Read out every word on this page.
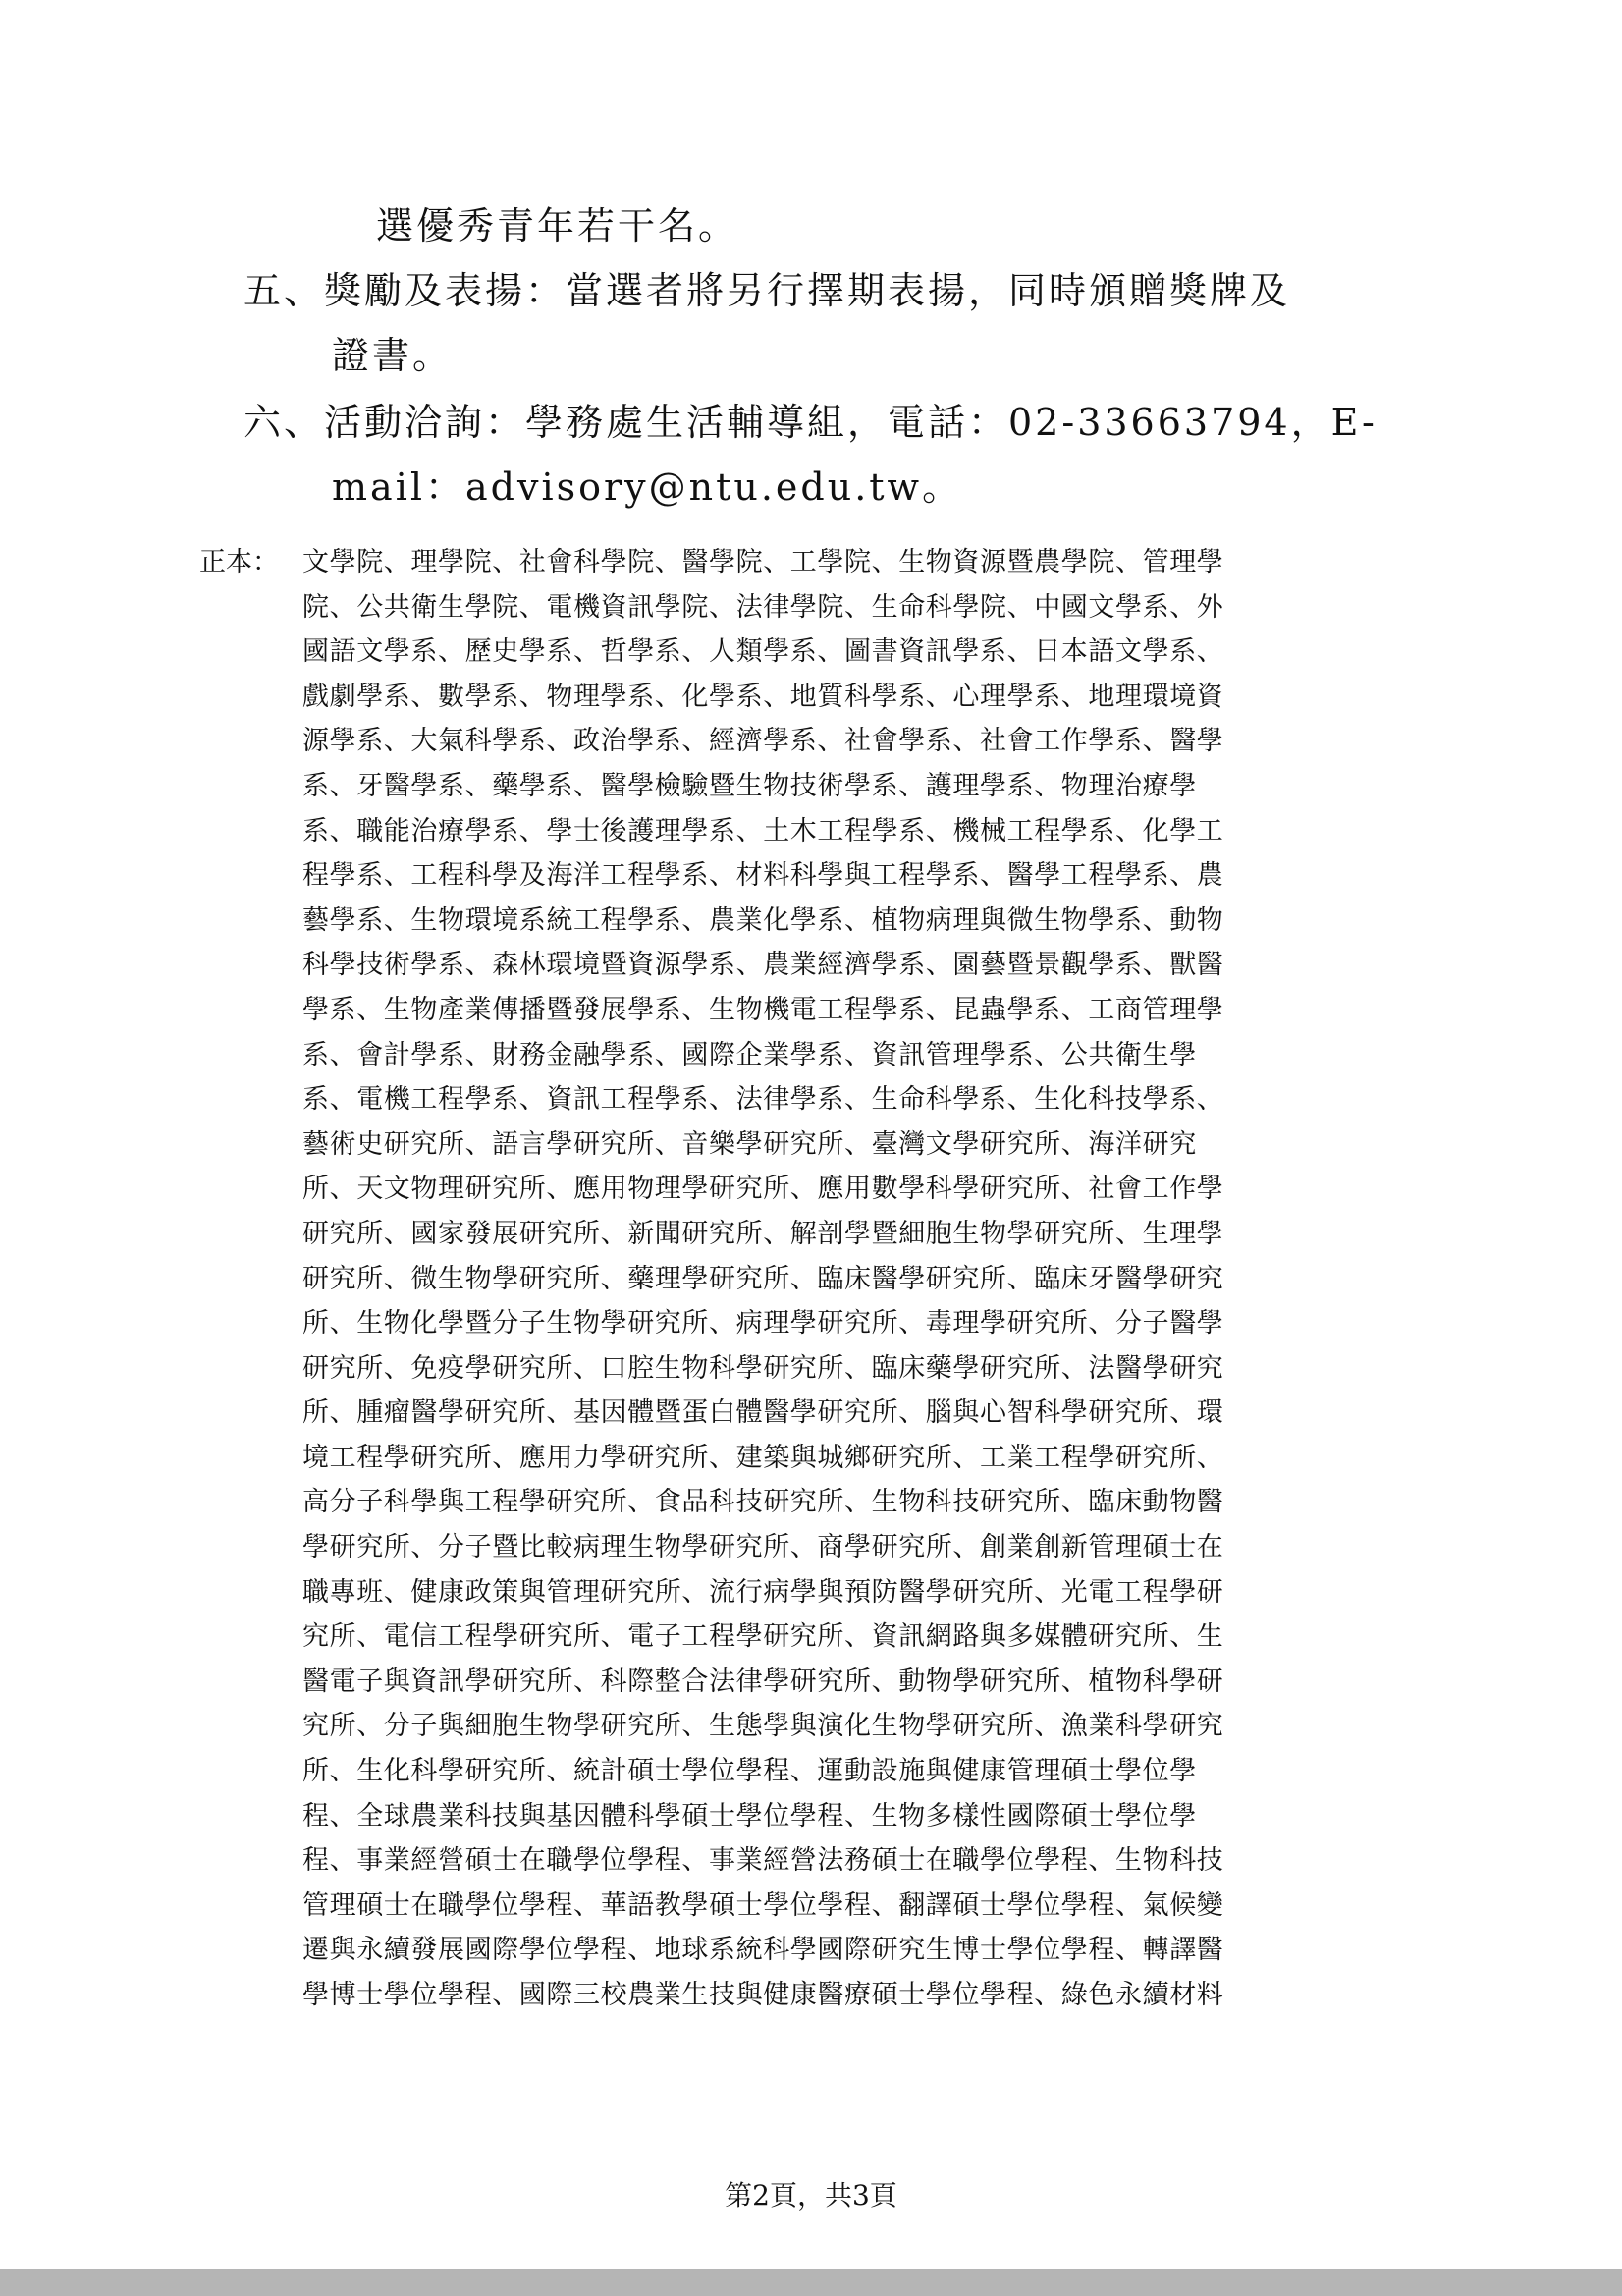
選優秀青年若干名。
五、獎勵及表揚：當選者將另行擇期表揚，同時頒贈獎牌及
證書。
六、活動洽詢：學務處生活輔導組，電話：02-33663794，E-
mail：advisory@ntu.edu.tw。
正本： 文學院、理學院、社會科學院、醫學院、工學院、生物資源暨農學院、管理學
院、公共衛生學院、電機資訊學院、法律學院、生命科學院、中國文學系、外
國語文學系、歷史學系、哲學系、人類學系、圖書資訊學系、日本語文學系、
戲劇學系、數學系、物理學系、化學系、地質科學系、心理學系、地理環境資
源學系、大氣科學系、政治學系、經濟學系、社會學系、社會工作學系、醫學
系、牙醫學系、藥學系、醫學檢驗暨生物技術學系、護理學系、物理治療學
系、職能治療學系、學士後護理學系、土木工程學系、機械工程學系、化學工
程學系、工程科學及海洋工程學系、材料科學與工程學系、醫學工程學系、農
藝學系、生物環境系統工程學系、農業化學系、植物病理與微生物學系、動物
科學技術學系、森林環境暨資源學系、農業經濟學系、園藝暨景觀學系、獸醫
學系、生物產業傳播暨發展學系、生物機電工程學系、昆蟲學系、工商管理學
系、會計學系、財務金融學系、國際企業學系、資訊管理學系、公共衛生學
系、電機工程學系、資訊工程學系、法律學系、生命科學系、生化科技學系、
藝術史研究所、語言學研究所、音樂學研究所、臺灣文學研究所、海洋研究
所、天文物理研究所、應用物理學研究所、應用數學科學研究所、社會工作學
研究所、國家發展研究所、新聞研究所、解剖學暨細胞生物學研究所、生理學
研究所、微生物學研究所、藥理學研究所、臨床醫學研究所、臨床牙醫學研究
所、生物化學暨分子生物學研究所、病理學研究所、毒理學研究所、分子醫學
研究所、免疫學研究所、口腔生物科學研究所、臨床藥學研究所、法醫學研究
所、腫瘤醫學研究所、基因體暨蛋白體醫學研究所、腦與心智科學研究所、環
境工程學研究所、應用力學研究所、建築與城鄉研究所、工業工程學研究所、
高分子科學與工程學研究所、食品科技研究所、生物科技研究所、臨床動物醫
學研究所、分子暨比較病理生物學研究所、商學研究所、創業創新管理碩士在
職專班、健康政策與管理研究所、流行病學與預防醫學研究所、光電工程學研
究所、電信工程學研究所、電子工程學研究所、資訊網路與多媒體研究所、生
醫電子與資訊學研究所、科際整合法律學研究所、動物學研究所、植物科學研
究所、分子與細胞生物學研究所、生態學與演化生物學研究所、漁業科學研究
所、生化科學研究所、統計碩士學位學程、運動設施與健康管理碩士學位學
程、全球農業科技與基因體科學碩士學位學程、生物多樣性國際碩士學位學
程、事業經營碩士在職學位學程、事業經營法務碩士在職學位學程、生物科技
管理碩士在職學位學程、華語教學碩士學位學程、翻譯碩士學位學程、氣候變
遷與永續發展國際學位學程、地球系統科學國際研究生博士學位學程、轉譯醫
學博士學位學程、國際三校農業生技與健康醫療碩士學位學程、綠色永續材料
第2頁，共3頁
